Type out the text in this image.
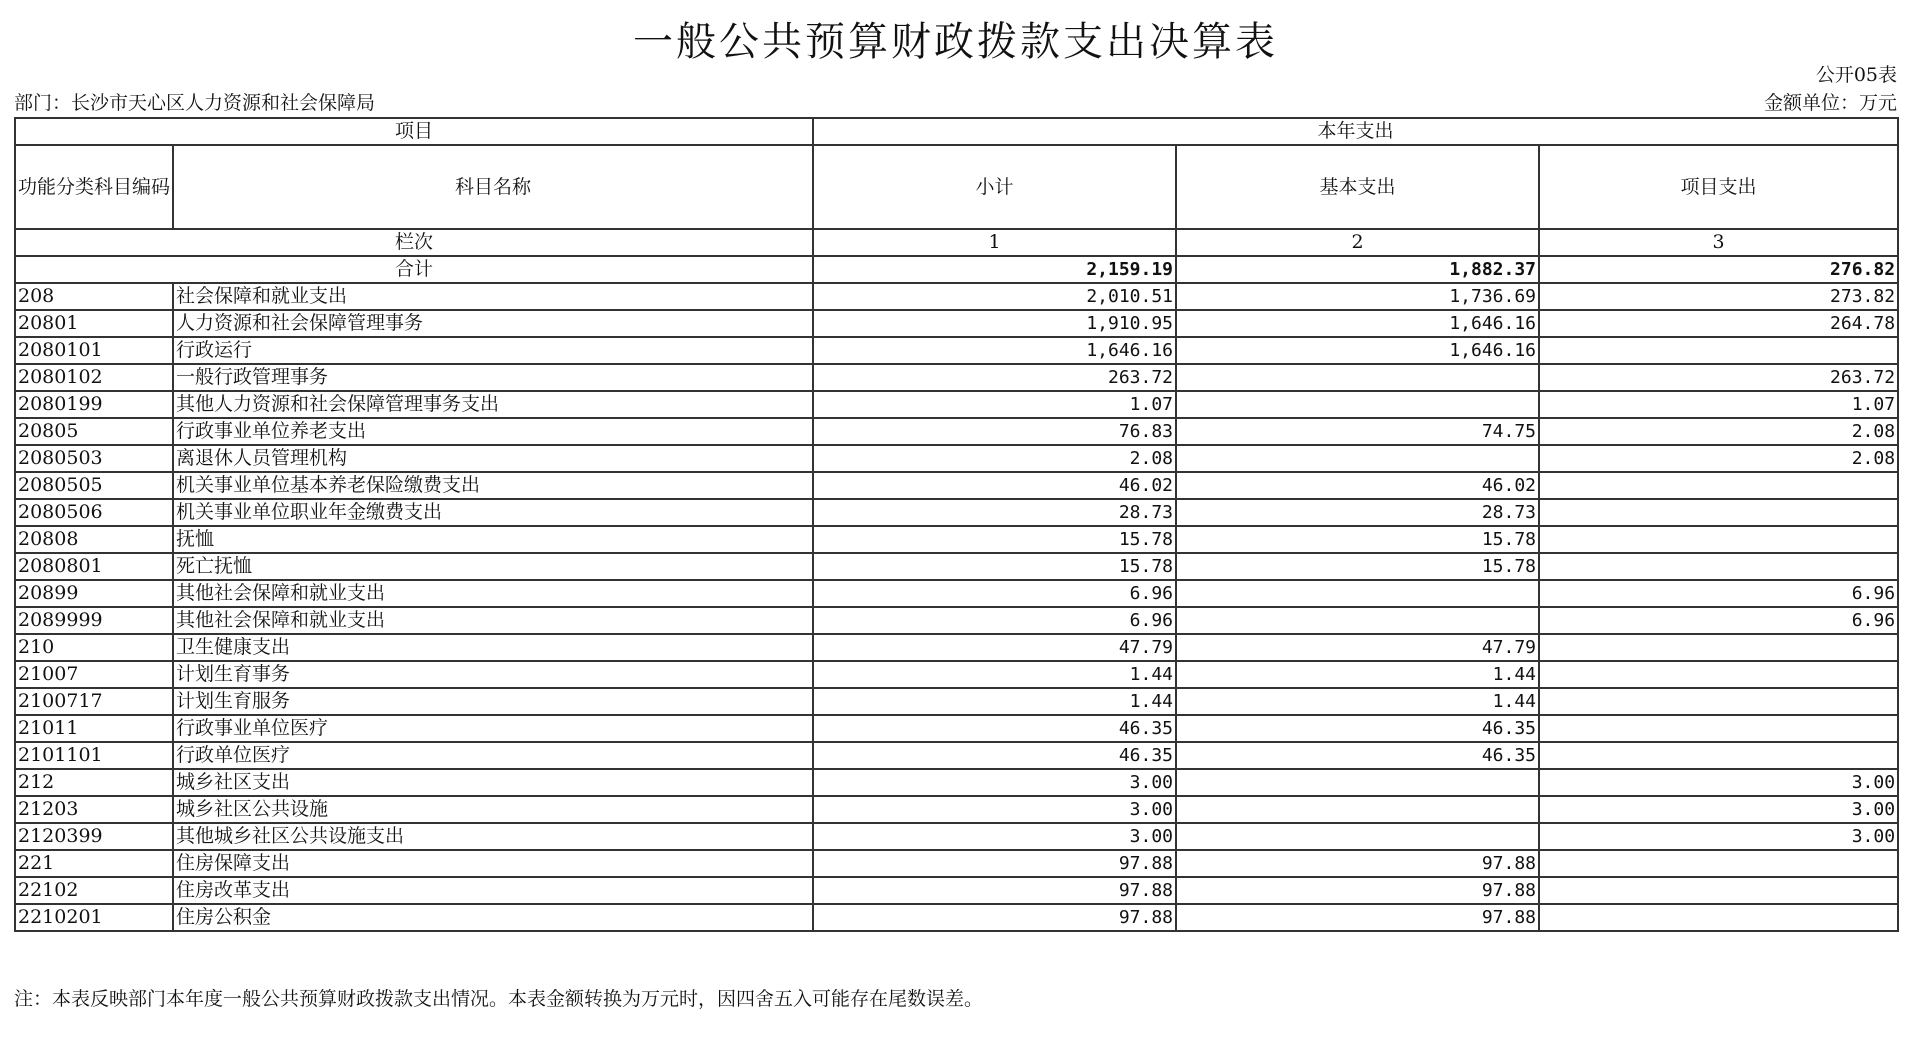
一般公共预算财政拨款支出决算表
公开05表
部门：长沙市天心区人力资源和社会保障局	金额单位：万元
项目		本年支出		
功能分类科目编码	科目名称	小计	基本支出	项目支出
栏次		1	2	3
合计		2,159.19	1,882.37	276.82
208	社会保障和就业支出	2,010.51	1,736.69	273.82
20801	人力资源和社会保障管理事务	1,910.95	1,646.16	264.78
2080101	行政运行	1,646.16	1,646.16	
2080102	一般行政管理事务	263.72		263.72
2080199	其他人力资源和社会保障管理事务支出	1.07		1.07
20805	行政事业单位养老支出	76.83	74.75	2.08
2080503	离退休人员管理机构	2.08		2.08
2080505	机关事业单位基本养老保险缴费支出	46.02	46.02	
2080506	机关事业单位职业年金缴费支出	28.73	28.73	
20808	抚恤	15.78	15.78	
2080801	死亡抚恤	15.78	15.78	
20899	其他社会保障和就业支出	6.96		6.96
2089999	其他社会保障和就业支出	6.96		6.96
210	卫生健康支出	47.79	47.79	
21007	计划生育事务	1.44	1.44	
2100717	计划生育服务	1.44	1.44	
21011	行政事业单位医疗	46.35	46.35	
2101101	行政单位医疗	46.35	46.35	
212	城乡社区支出	3.00		3.00
21203	城乡社区公共设施	3.00		3.00
2120399	其他城乡社区公共设施支出	3.00		3.00
221	住房保障支出	97.88	97.88	
22102	住房改革支出	97.88	97.88	
2210201	住房公积金	97.88	97.88	
注：本表反映部门本年度一般公共预算财政拨款支出情况。本表金额转换为万元时，因四舍五入可能存在尾数误差。
